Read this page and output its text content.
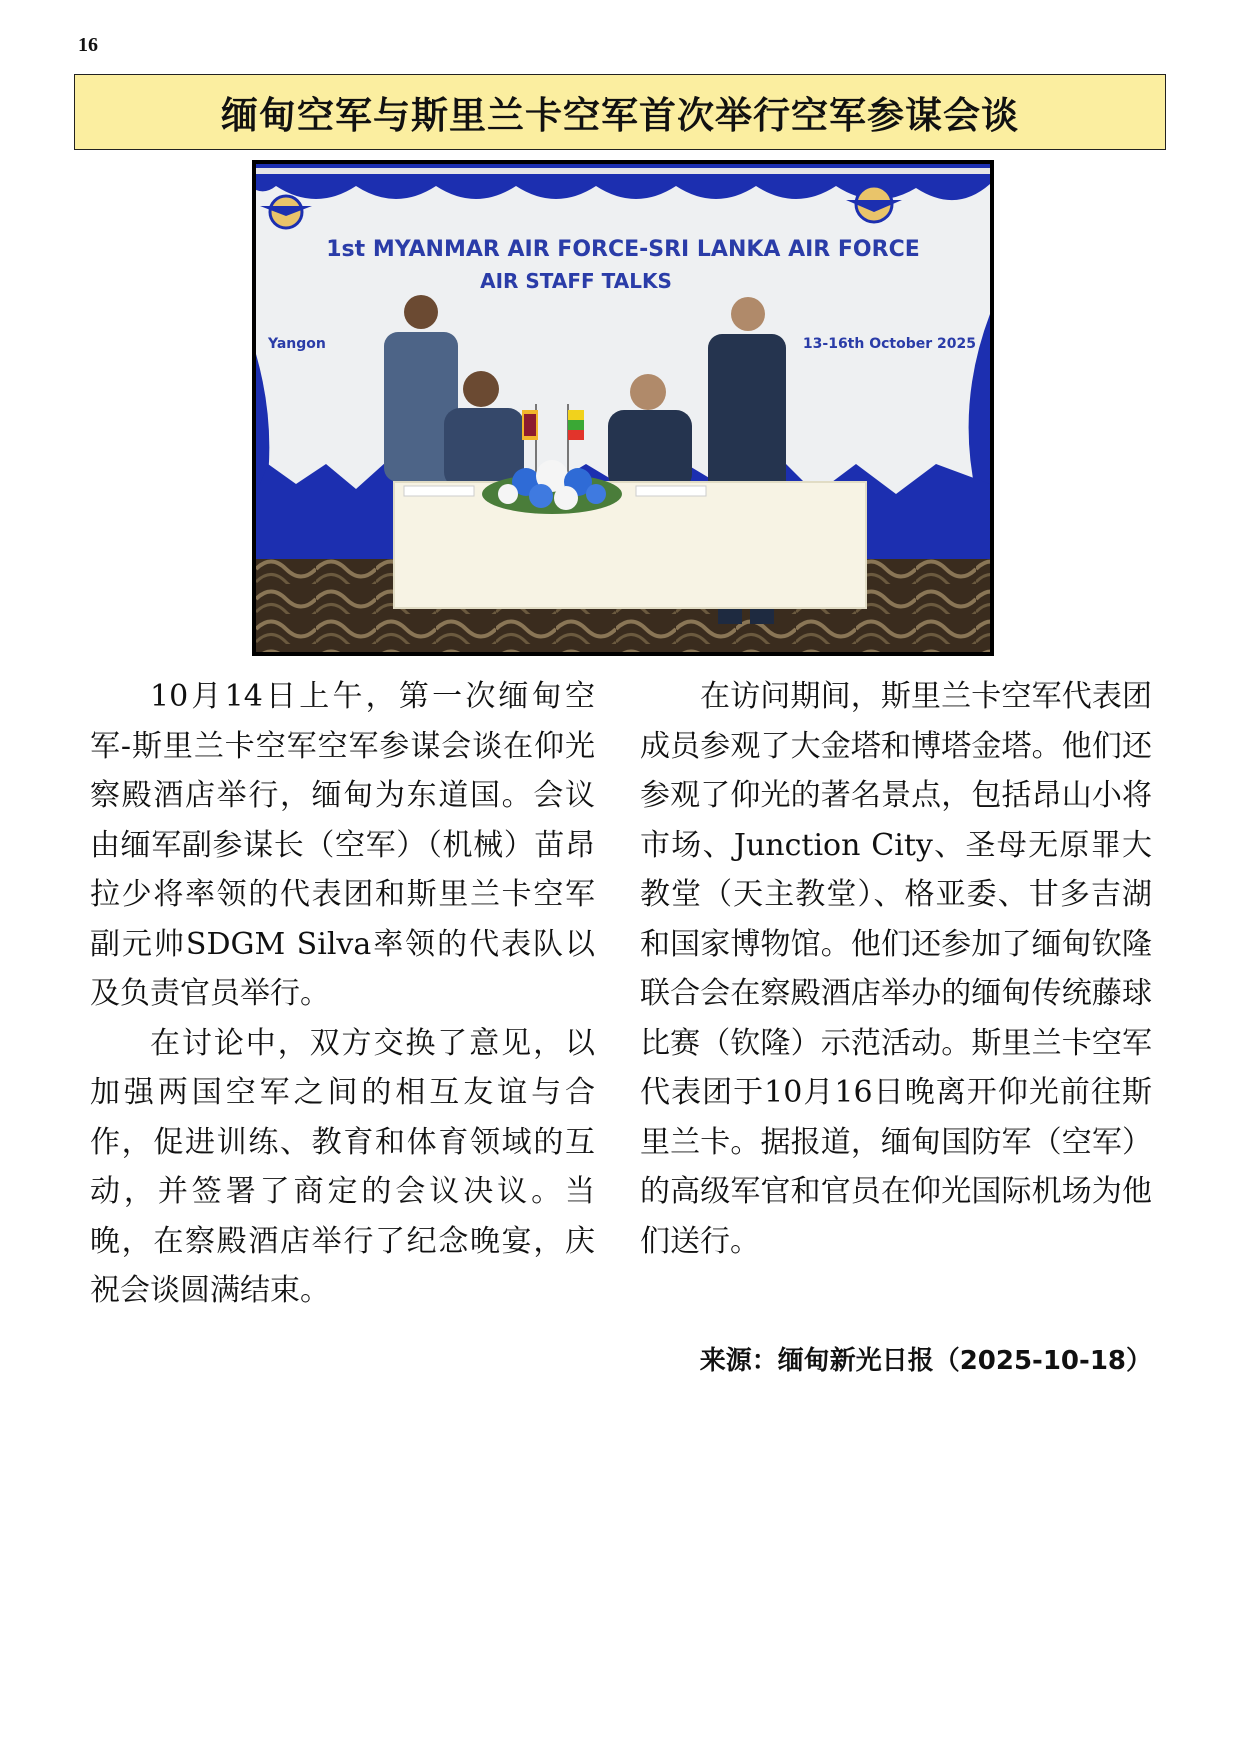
16
缅甸空军与斯里兰卡空军首次举行空军参谋会谈
1st MYANMAR AIR FORCE-SRI LANKA AIR FORCE
AIR STAFF TALKS
Yangon	13-16th October 2025

10月14日上午，第一次缅甸空军-斯里兰卡空军空军参谋会谈在仰光察殿酒店举行，缅甸为东道国。会议由缅军副参谋长（空军）（机械）苗昂拉少将率领的代表团和斯里兰卡空军副元帅SDGM Silva率领的代表队以及负责官员举行。

在讨论中，双方交换了意见，以加强两国空军之间的相互友谊与合作，促进训练、教育和体育领域的互动，并签署了商定的会议决议。当晚，在察殿酒店举行了纪念晚宴，庆祝会谈圆满结束。

在访问期间，斯里兰卡空军代表团成员参观了大金塔和博塔金塔。他们还参观了仰光的著名景点，包括昂山小将市场、Junction City、圣母无原罪大教堂（天主教堂）、格亚委、甘多吉湖和国家博物馆。他们还参加了缅甸钦隆联合会在察殿酒店举办的缅甸传统藤球比赛（钦隆）示范活动。斯里兰卡空军代表团于10月16日晚离开仰光前往斯里兰卡。据报道，缅甸国防军（空军）的高级军官和官员在仰光国际机场为他们送行。

来源：缅甸新光日报（2025-10-18）
